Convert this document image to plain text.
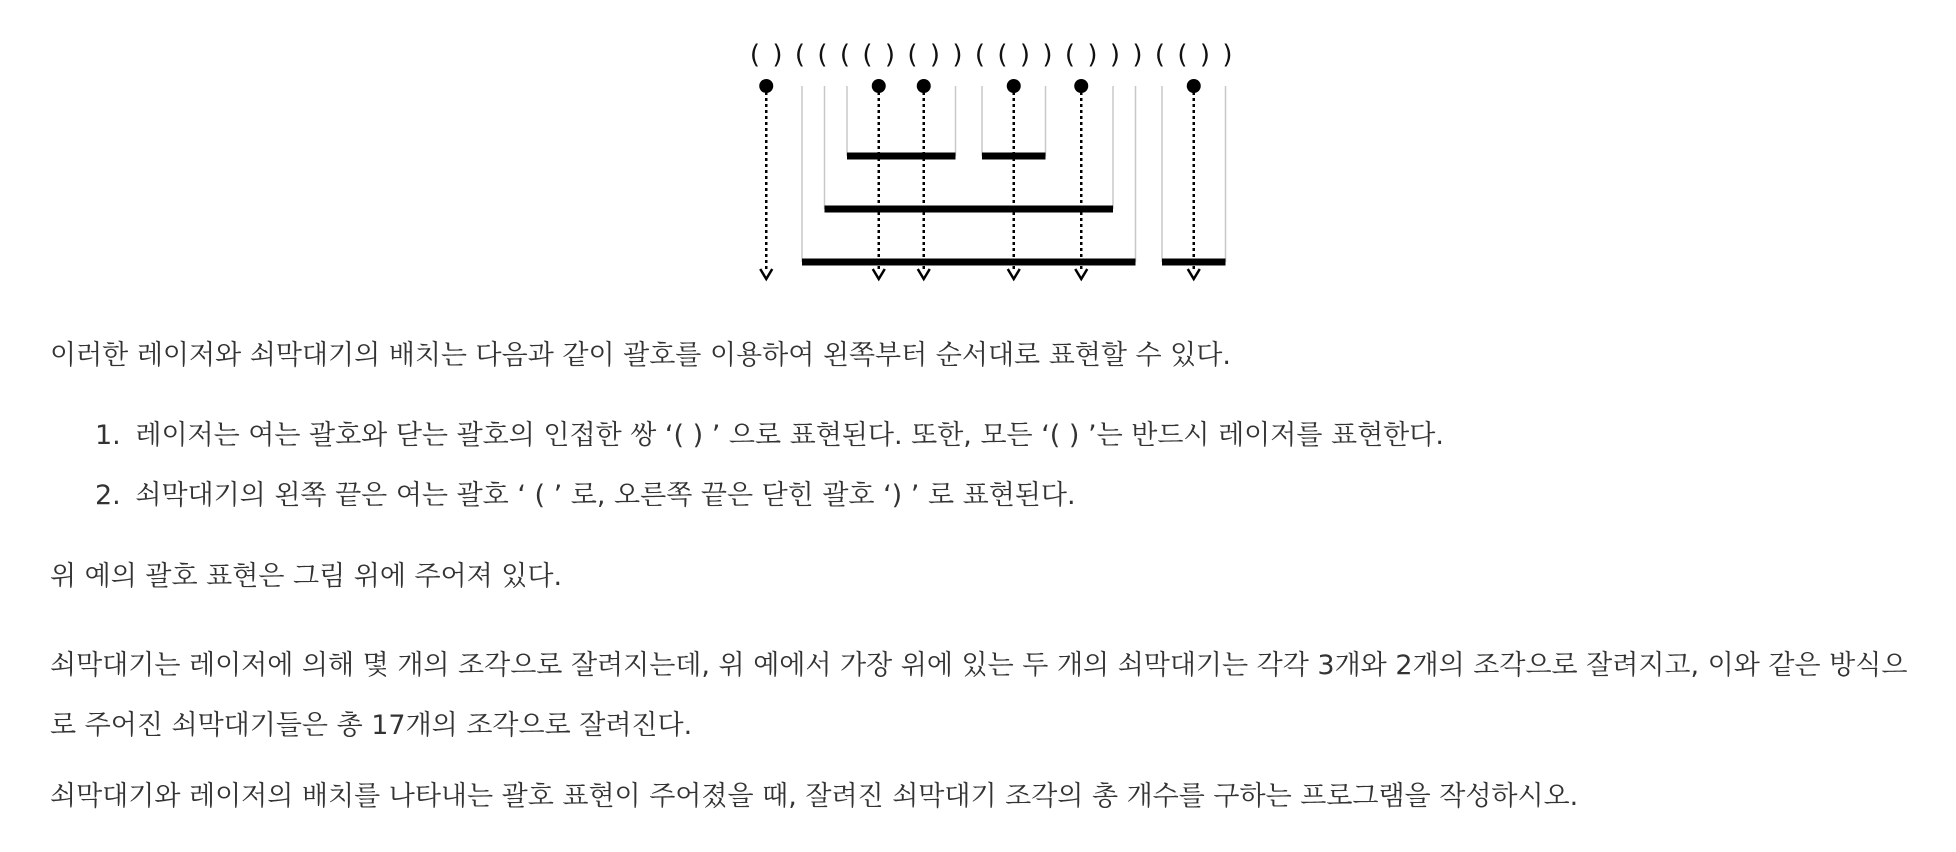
( ) ( ( ( ( ) ( ) ) ( ( ) ) ( ) ) ) ( ( ) )
이러한 레이저와 쇠막대기의 배치는 다음과 같이 괄호를 이용하여 왼쪽부터 순서대로 표현할 수 있다.
1. 레이저는 여는 괄호와 닫는 괄호의 인접한 쌍 ‘( ) ’ 으로 표현된다. 또한, 모든 ‘( ) ’는 반드시 레이저를 표현한다.
2. 쇠막대기의 왼쪽 끝은 여는 괄호 ‘ ( ’ 로, 오른쪽 끝은 닫힌 괄호 ‘) ’ 로 표현된다.
위 예의 괄호 표현은 그림 위에 주어져 있다.
쇠막대기는 레이저에 의해 몇 개의 조각으로 잘려지는데, 위 예에서 가장 위에 있는 두 개의 쇠막대기는 각각 3개와 2개의 조각으로 잘려지고, 이와 같은 방식으로 주어진 쇠막대기들은 총 17개의 조각으로 잘려진다.
쇠막대기와 레이저의 배치를 나타내는 괄호 표현이 주어졌을 때, 잘려진 쇠막대기 조각의 총 개수를 구하는 프로그램을 작성하시오.
